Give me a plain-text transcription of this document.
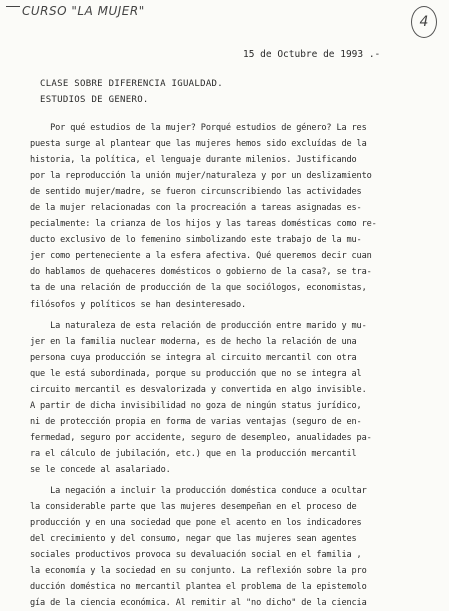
CURSO "LA MUJER"
4
15 de Octubre de 1993 .-
CLASE SOBRE DIFERENCIA IGUALDAD.
ESTUDIOS DE GENERO.
Por qué estudios de la mujer? Porqué estudios de género? La res
puesta surge al plantear que las mujeres hemos sido excluídas de la
historia, la política, el lenguaje durante milenios. Justificando
por la reproducción la unión mujer/naturaleza y por un deslizamiento
de sentido mujer/madre, se fueron circunscribiendo las actividades
de la mujer relacionadas con la procreación a tareas asignadas es-
pecialmente: la crianza de los hijos y las tareas domésticas como re-
ducto exclusivo de lo femenino simbolizando este trabajo de la mu-
jer como perteneciente a la esfera afectiva. Qué queremos decir cuan
do hablamos de quehaceres domésticos o gobierno de la casa?, se tra-
ta de una relación de producción de la que sociólogos, economistas,
filósofos y políticos se han desinteresado.
La naturaleza de esta relación de producción entre marido y mu-
jer en la familia nuclear moderna, es de hecho la relación de una
persona cuya producción se integra al circuito mercantil con otra
que le está subordinada, porque su producción que no se integra al
circuito mercantil es desvalorizada y convertida en algo invisible.
A partir de dicha invisibilidad no goza de ningún status jurídico,
ni de protección propia en forma de varias ventajas (seguro de en-
fermedad, seguro por accidente, seguro de desempleo, anualidades pa-
ra el cálculo de jubilación, etc.) que en la producción mercantil
se le concede al asalariado.
La negación a incluir la producción doméstica conduce a ocultar
la considerable parte que las mujeres desempeñan en el proceso de
producción y en una sociedad que pone el acento en los indicadores
del crecimiento y del consumo, negar que las mujeres sean agentes
sociales productivos provoca su devaluación social en el familia ,
la economía y la sociedad en su conjunto. La reflexión sobre la pro
ducción doméstica no mercantil plantea el problema de la epistemolo
gía de la ciencia económica. Al remitir al "no dicho" de la ciencia
